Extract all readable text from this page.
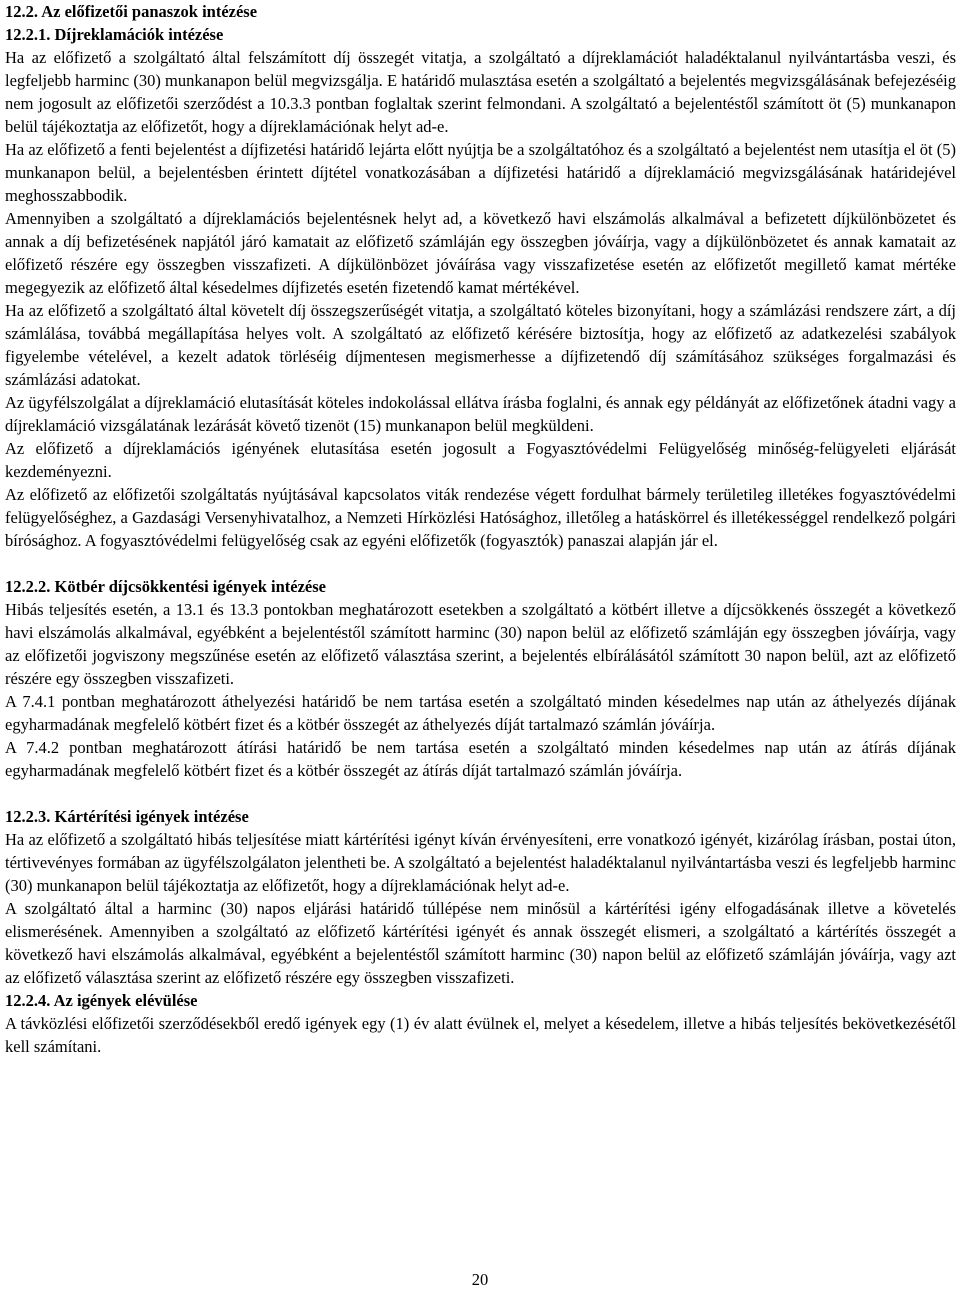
12.2. Az előfizetői panaszok intézése
12.2.1. Díjreklamációk intézése

Ha az előfizető a szolgáltató által felszámított díj összegét vitatja, a szolgáltató a díjreklamációt haladéktalanul nyilvántartásba veszi, és legfeljebb harminc (30) munkanapon belül megvizsgálja. E határidő mulasztása esetén a szolgáltató a bejelentés megvizsgálásának befejezéséig nem jogosult az előfizetői szerződést a 10.3.3 pontban foglaltak szerint felmondani. A szolgáltató a bejelentéstől számított öt (5) munkanapon belül tájékoztatja az előfizetőt, hogy a díjreklamációnak helyt ad-e.

Ha az előfizető a fenti bejelentést a díjfizetési határidő lejárta előtt nyújtja be a szolgáltatóhoz és a szolgáltató a bejelentést nem utasítja el öt (5) munkanapon belül, a bejelentésben érintett díjtétel vonatkozásában a díjfizetési határidő a díjreklamáció megvizsgálásának határidejével meghosszabbodik.

Amennyiben a szolgáltató a díjreklamációs bejelentésnek helyt ad, a következő havi elszámolás alkalmával a befizetett díjkülönbözetet és annak a díj befizetésének napjától járó kamatait az előfizető számláján egy összegben jóváírja, vagy a díjkülönbözetet és annak kamatait az előfizető részére egy összegben visszafizeti. A díjkülönbözet jóváírása vagy visszafizetése esetén az előfizetőt megillető kamat mértéke megegyezik az előfizető által késedelmes díjfizetés esetén fizetendő kamat mértékével.

Ha az előfizető a szolgáltató által követelt díj összegszerűségét vitatja, a szolgáltató köteles bizonyítani, hogy a számlázási rendszere zárt, a díj számlálása, továbbá megállapítása helyes volt. A szolgáltató az előfizető kérésére biztosítja, hogy az előfizető az adatkezelési szabályok figyelembe vételével, a kezelt adatok törléséig díjmentesen megismerhesse a díjfizetendő díj számításához szükséges forgalmazási és számlázási adatokat.

Az ügyfélszolgálat a díjreklamáció elutasítását köteles indokolással ellátva írásba foglalni, és annak egy példányát az előfizetőnek átadni vagy a díjreklamáció vizsgálatának lezárását követő tizenöt (15) munkanapon belül megküldeni.

Az előfizető a díjreklamációs igényének elutasítása esetén jogosult a Fogyasztóvédelmi Felügyelőség minőség-felügyeleti eljárását kezdeményezni.

Az előfizető az előfizetői szolgáltatás nyújtásával kapcsolatos viták rendezése végett fordulhat bármely területileg illetékes fogyasztóvédelmi felügyelőséghez, a Gazdasági Versenyhivatalhoz, a Nemzeti Hírközlési Hatósághoz, illetőleg a hatáskörrel és illetékességgel rendelkező polgári bírósághoz. A fogyasztóvédelmi felügyelőség csak az egyéni előfizetők (fogyasztók) panaszai alapján jár el.

12.2.2. Kötbér díjcsökkentési igények intézése

Hibás teljesítés esetén, a 13.1 és 13.3 pontokban meghatározott esetekben a szolgáltató a kötbért illetve a díjcsökkenés összegét a következő havi elszámolás alkalmával, egyébként a bejelentéstől számított harminc (30) napon belül az előfizető számláján egy összegben jóváírja, vagy az előfizetői jogviszony megszűnése esetén az előfizető választása szerint, a bejelentés elbírálásától számított 30 napon belül, azt az előfizető részére egy összegben visszafizeti.

A 7.4.1 pontban meghatározott áthelyezési határidő be nem tartása esetén a szolgáltató minden késedelmes nap után az áthelyezés díjának egyharmadának megfelelő kötbért fizet és a kötbér összegét az áthelyezés díját tartalmazó számlán jóváírja.

A 7.4.2 pontban meghatározott átírási határidő be nem tartása esetén a szolgáltató minden késedelmes nap után az átírás díjának egyharmadának megfelelő kötbért fizet és a kötbér összegét az átírás díját tartalmazó számlán jóváírja.

12.2.3. Kártérítési igények intézése

Ha az előfizető a szolgáltató hibás teljesítése miatt kártérítési igényt kíván érvényesíteni, erre vonatkozó igényét, kizárólag írásban, postai úton, tértivevényes formában az ügyfélszolgálaton jelentheti be. A szolgáltató a bejelentést haladéktalanul nyilvántartásba veszi és legfeljebb harminc (30) munkanapon belül tájékoztatja az előfizetőt, hogy a díjreklamációnak helyt ad-e.

A szolgáltató által a harminc (30) napos eljárási határidő túllépése nem minősül a kártérítési igény elfogadásának illetve a követelés elismerésének. Amennyiben a szolgáltató az előfizető kártérítési igényét és annak összegét elismeri, a szolgáltató a kártérítés összegét a következő havi elszámolás alkalmával, egyébként a bejelentéstől számított harminc (30) napon belül az előfizető számláján jóváírja, vagy azt az előfizető választása szerint az előfizető részére egy összegben visszafizeti.

12.2.4. Az igények elévülése

A távközlési előfizetői szerződésekből eredő igények egy (1) év alatt évülnek el, melyet a késedelem, illetve a hibás teljesítés bekövetkezésétől kell számítani.

20
